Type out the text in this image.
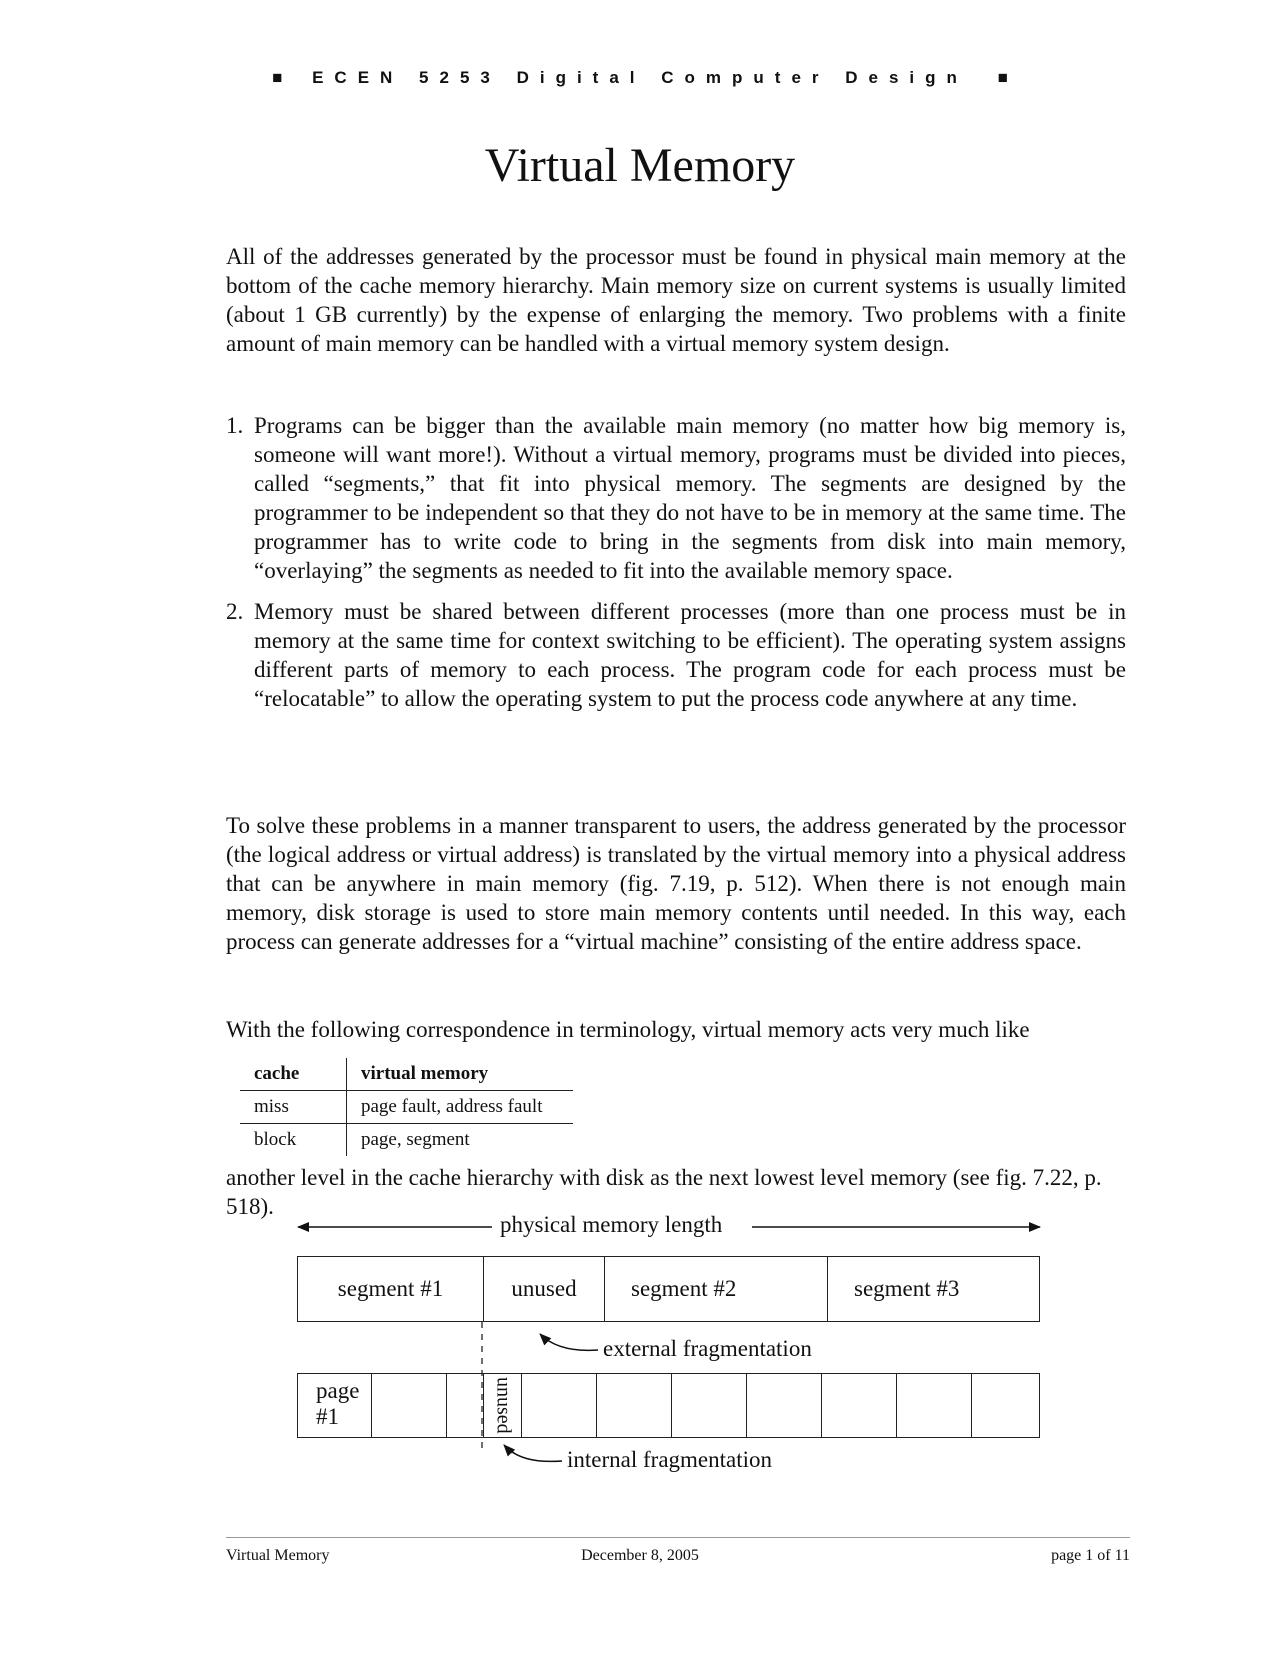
■ ECEN 5253 Digital Computer Design ■
Virtual Memory

All of the addresses generated by the processor must be found in physical main memory at the bottom of the cache memory hierarchy. Main memory size on current systems is usually limited (about 1 GB currently) by the expense of enlarging the memory. Two problems with a finite amount of main memory can be handled with a virtual memory system design.

1. Programs can be bigger than the available main memory (no matter how big memory is, someone will want more!). Without a virtual memory, programs must be divided into pieces, called “segments,” that fit into physical memory. The segments are designed by the programmer to be independent so that they do not have to be in memory at the same time. The programmer has to write code to bring in the segments from disk into main memory, “overlaying” the segments as needed to fit into the available memory space.
2. Memory must be shared between different processes (more than one process must be in memory at the same time for context switching to be efficient). The operating system assigns different parts of memory to each process. The program code for each process must be “relocatable” to allow the operating system to put the process code anywhere at any time.

To solve these problems in a manner transparent to users, the address generated by the processor (the logical address or virtual address) is translated by the virtual memory into a physical address that can be anywhere in main memory (fig. 7.19, p. 512). When there is not enough main memory, disk storage is used to store main memory contents until needed. In this way, each process can generate addresses for a “virtual machine” consisting of the entire address space.

With the following correspondence in terminology, virtual memory acts very much like

cache	virtual memory
miss	page fault, address fault
block	page, segment

another level in the cache hierarchy with disk as the next lowest level memory (see fig. 7.22, p. 518).

physical memory length
segment #1	unused	segment #2	segment #3
external fragmentation
page
#1	unused
internal fragmentation
Virtual Memory	December 8, 2005	page 1 of 11
